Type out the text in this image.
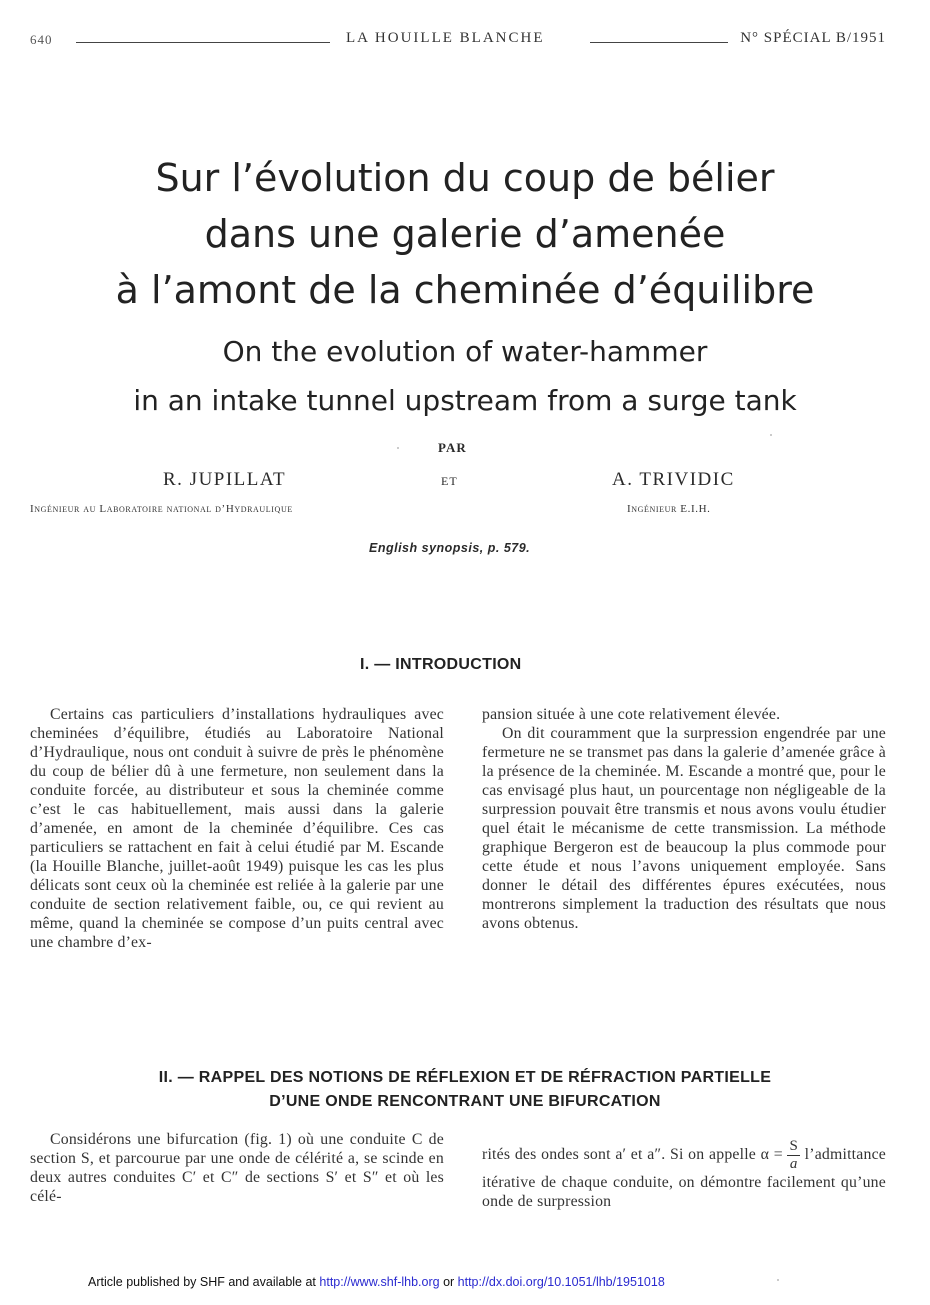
640	LA HOUILLE BLANCHE	N° SPÉCIAL B/1951
Sur l’évolution du coup de bélier
dans une galerie d’amenée
à l’amont de la cheminée d’équilibre
On the evolution of water-hammer
in an intake tunnel upstream from a surge tank
PAR
R. JUPILLAT	ET	A. TRIVIDIC
Ingénieur au Laboratoire national d’Hydraulique	Ingénieur E.I.H.
English synopsis, p. 579.
I. — INTRODUCTION
Certains cas particuliers d’installations hydrauliques avec cheminées d’équilibre, étudiés au Laboratoire National d’Hydraulique, nous ont conduit à suivre de près le phénomène du coup de bélier dû à une fermeture, non seulement dans la conduite forcée, au distributeur et sous la cheminée comme c’est le cas habituellement, mais aussi dans la galerie d’amenée, en amont de la cheminée d’équilibre. Ces cas particuliers se rattachent en fait à celui étudié par M. Escande (la Houille Blanche, juillet-août 1949) puisque les cas les plus délicats sont ceux où la cheminée est reliée à la galerie par une conduite de section relativement faible, ou, ce qui revient au même, quand la cheminée se compose d’un puits central avec une chambre d’ex-
pansion située à une cote relativement élevée.
On dit couramment que la surpression engendrée par une fermeture ne se transmet pas dans la galerie d’amenée grâce à la présence de la cheminée. M. Escande a montré que, pour le cas envisagé plus haut, un pourcentage non négligeable de la surpression pouvait être transmis et nous avons voulu étudier quel était le mécanisme de cette transmission. La méthode graphique Bergeron est de beaucoup la plus commode pour cette étude et nous l’avons uniquement employée. Sans donner le détail des différentes épures exécutées, nous montrerons simplement la traduction des résultats que nous avons obtenus.
II. — RAPPEL DES NOTIONS DE RÉFLEXION ET DE RÉFRACTION PARTIELLE
D’UNE ONDE RENCONTRANT UNE BIFURCATION
Considérons une bifurcation (fig. 1) où une conduite C de section S, et parcourue par une onde de célérité a, se scinde en deux autres conduites C′ et C″ de sections S′ et S″ et où les célé-
rités des ondes sont a′ et a″. Si on appelle $\alpha = \frac{S}{a}$ l’admittance itérative de chaque conduite, on démontre facilement qu’une onde de surpression
Article published by SHF and available at http://www.shf-lhb.org or http://dx.doi.org/10.1051/lhb/1951018
